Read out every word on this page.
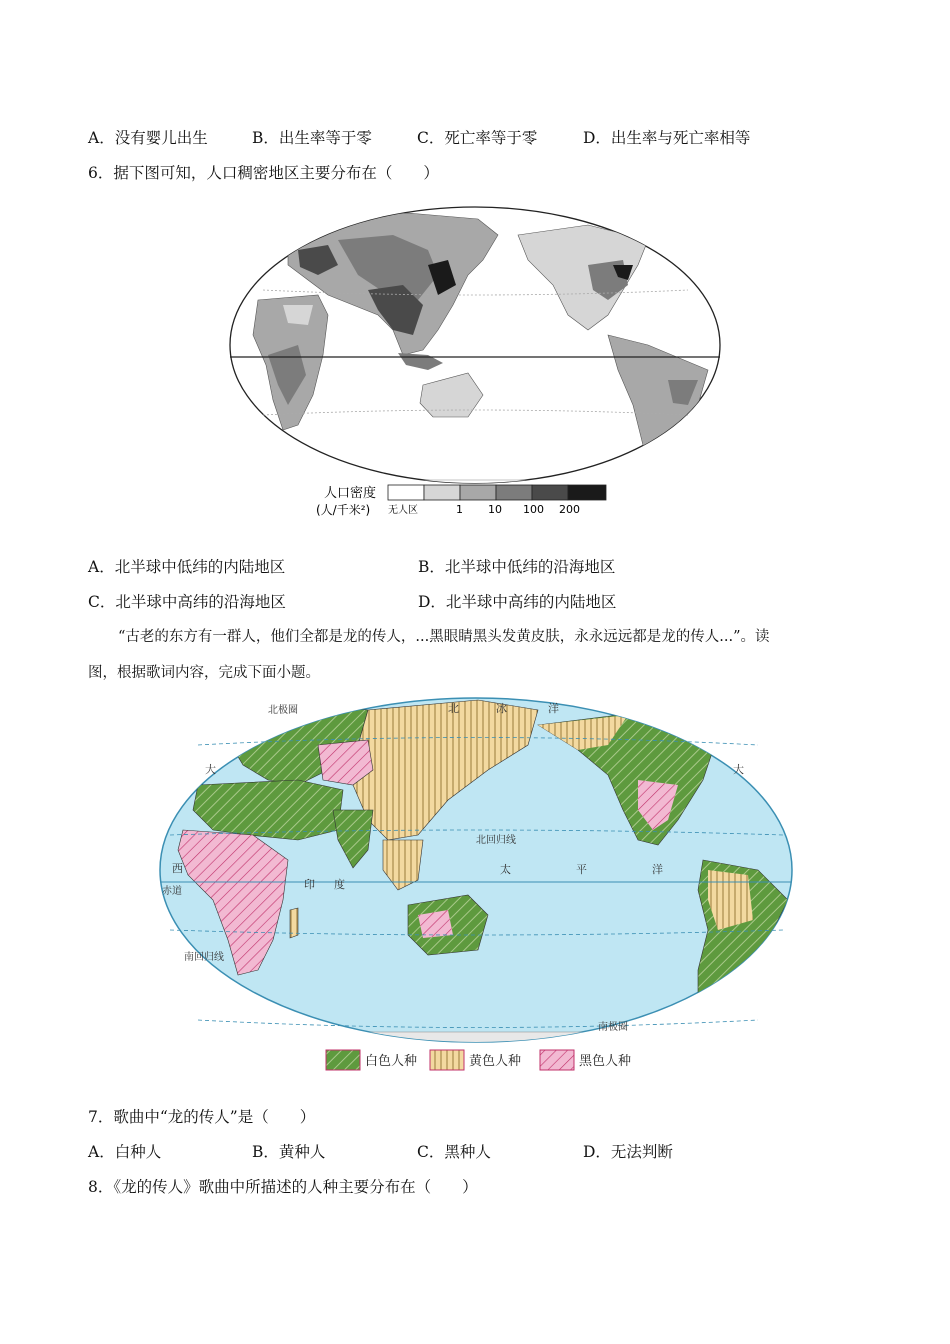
A．没有婴儿出生	B．出生率等于零	C．死亡率等于零	D．出生率与死亡率相等
6．据下图可知，人口稠密地区主要分布在（　　）
人口密度
(人/千米²) 无人区	1 10 100 200
A．北半球中低纬的内陆地区	B．北半球中低纬的沿海地区
C．北半球中高纬的沿海地区	D．北半球中高纬的内陆地区
“古老的东方有一群人，他们全都是龙的传人，...黑眼睛黑头发黄皮肤，永永远远都是龙的传人...”。读
图，根据歌词内容，完成下面小题。
北极圈	北	冰	洋
大	大
西
北回归线
赤道
南回归线
南极圈
印 度
太	平	洋
白色人种	黄色人种	黑色人种
7．歌曲中“龙的传人”是（　　）
A．白种人	B．黄种人	C．黑种人	D．无法判断
8．《龙的传人》歌曲中所描述的人种主要分布在（　　）
